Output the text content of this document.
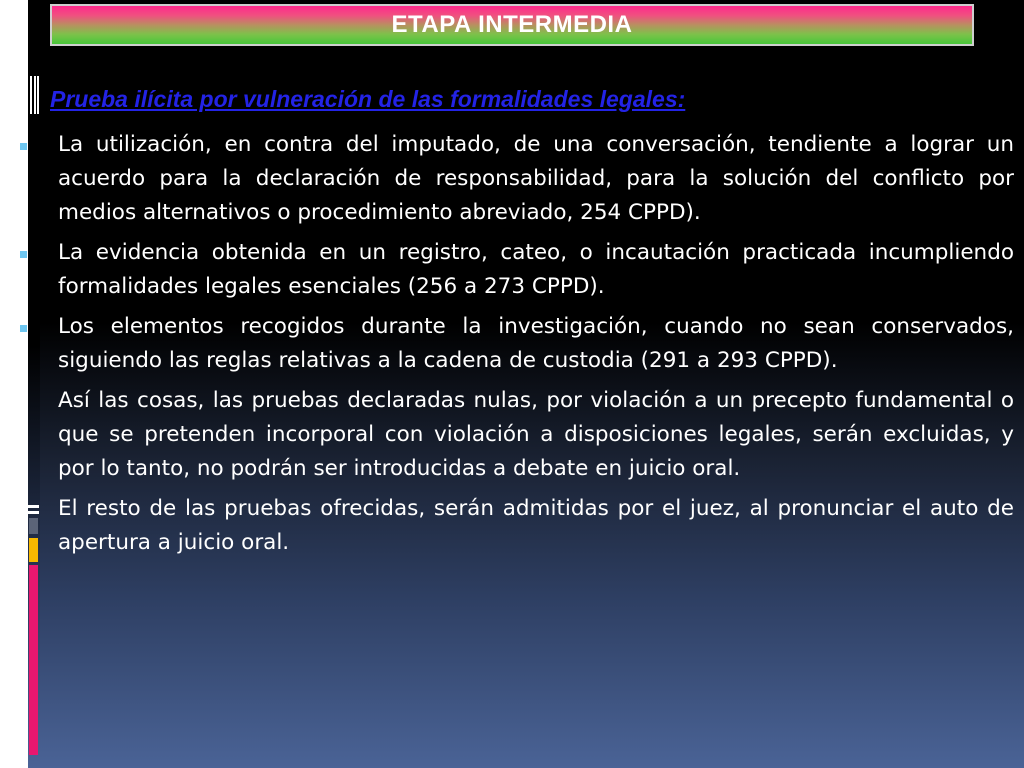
ETAPA INTERMEDIA
Prueba ilícita por vulneración de las formalidades legales:
La utilización, en contra del imputado, de una conversación, tendiente a lograr un acuerdo para la declaración de responsabilidad, para la solución del conflicto por medios alternativos o procedimiento abreviado, 254 CPPD).
La evidencia obtenida en un registro, cateo, o incautación practicada incumpliendo formalidades legales esenciales (256 a 273 CPPD).
Los elementos recogidos durante la investigación, cuando no sean conservados, siguiendo las reglas relativas a la cadena de custodia (291 a 293 CPPD).
Así las cosas, las pruebas declaradas nulas, por violación a un precepto fundamental o que se pretenden incorporal con violación a disposiciones legales, serán excluidas, y por lo tanto, no podrán ser introducidas a debate en juicio oral.
El resto de las pruebas ofrecidas, serán admitidas por el juez, al pronunciar el auto de apertura a juicio oral.
